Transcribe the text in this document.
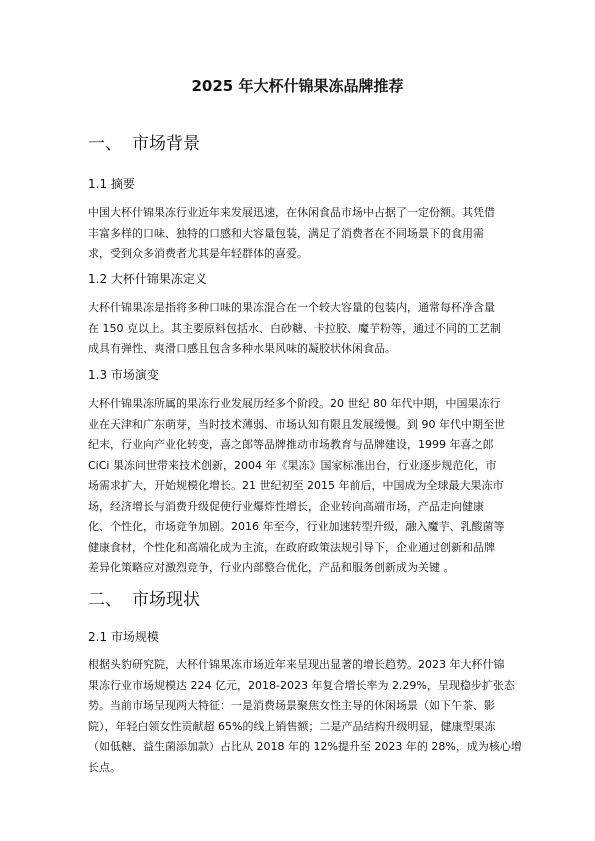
2025 年大杯什锦果冻品牌推荐
一、 市场背景
1.1 摘要

中国大杯什锦果冻行业近年来发展迅速，在休闲食品市场中占据了一定份额。其凭借
丰富多样的口味、独特的口感和大容量包装，满足了消费者在不同场景下的食用需
求，受到众多消费者尤其是年轻群体的喜爱。

1.2 大杯什锦果冻定义

大杯什锦果冻是指将多种口味的果冻混合在一个较大容量的包装内，通常每杯净含量
在 150 克以上。其主要原料包括水、白砂糖、卡拉胶、魔芋粉等，通过不同的工艺制
成具有弹性、爽滑口感且包含多种水果风味的凝胶状休闲食品。

1.3 市场演变

大杯什锦果冻所属的果冻行业发展历经多个阶段。20 世纪 80 年代中期，中国果冻行
业在天津和广东萌芽，当时技术薄弱、市场认知有限且发展缓慢。到 90 年代中期至世
纪末，行业向产业化转变，喜之郎等品牌推动市场教育与品牌建设，1999 年喜之郎
CiCi 果冻问世带来技术创新，2004 年《果冻》国家标准出台，行业逐步规范化，市
场需求扩大，开始规模化增长。21 世纪初至 2015 年前后，中国成为全球最大果冻市
场，经济增长与消费升级促使行业爆炸性增长，企业转向高端市场，产品走向健康
化、个性化，市场竞争加剧。2016 年至今，行业加速转型升级，融入魔芋、乳酸菌等
健康食材，个性化和高端化成为主流，在政府政策法规引导下，企业通过创新和品牌
差异化策略应对激烈竞争，行业内部整合优化，产品和服务创新成为关键 。

二、 市场现状
2.1 市场规模

根据头豹研究院，大杯什锦果冻市场近年来呈现出显著的增长趋势。2023 年大杯什锦
果冻行业市场规模达 224 亿元，2018-2023 年复合增长率为 2.29%，呈现稳步扩张态
势。当前市场呈现两大特征：一是消费场景聚焦女性主导的休闲场景（如下午茶、影
院），年轻白领女性贡献超 65%的线上销售额；二是产品结构升级明显，健康型果冻
（如低糖、益生菌添加款）占比从 2018 年的 12%提升至 2023 年的 28%，成为核心增
长点。
